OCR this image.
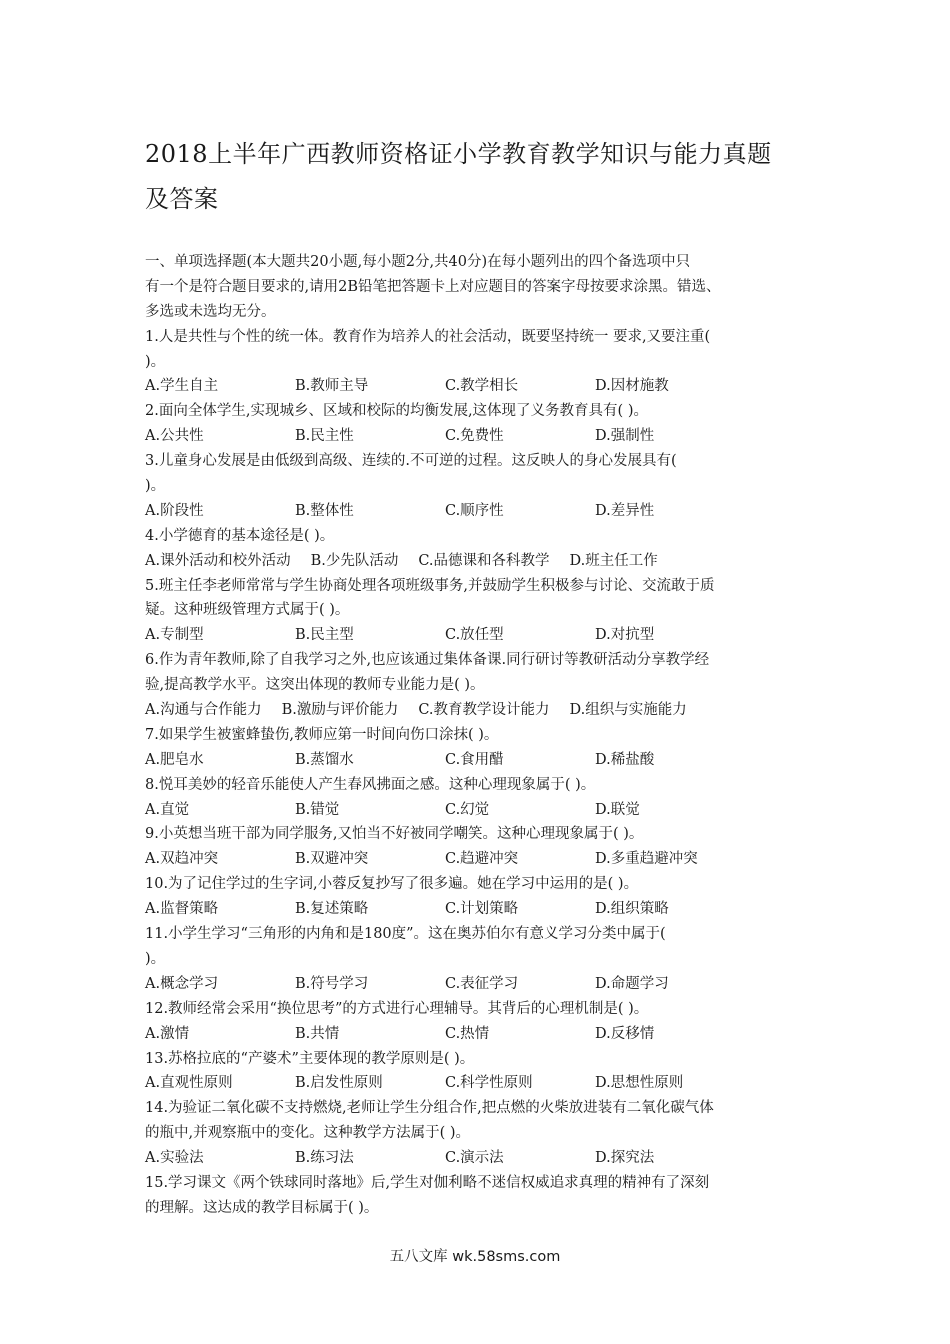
2018上半年广西教师资格证小学教育教学知识与能力真题
及答案
一、单项选择题(本大题共20小题,每小题2分,共40分)在每小题列出的四个备选项中只
有一个是符合题目要求的,请用2B铅笔把答题卡上对应题目的答案字母按要求涂黑。错选、
多选或未选均无分。
1.人是共性与个性的统一体。教育作为培养人的社会活动，既要坚持统一 要求,又要注重(
)。
A.学生自主	B.教师主导	C.教学相长	D.因材施教
2.面向全体学生,实现城乡、区域和校际的均衡发展,这体现了义务教育具有( )。
A.公共性	B.民主性	C.免费性	D.强制性
3.儿童身心发展是由低级到高级、连续的.不可逆的过程。这反映人的身心发展具有(
)。
A.阶段性	B.整体性	C.顺序性	D.差异性
4.小学德育的基本途径是( )。
A.课外活动和校外活动 B.少先队活动 C.品德课和各科教学 D.班主任工作
5.班主任李老师常常与学生协商处理各项班级事务,并鼓励学生积极参与讨论、交流敢于质
疑。这种班级管理方式属于( )。
A.专制型	B.民主型	C.放任型	D.对抗型
6.作为青年教师,除了自我学习之外,也应该通过集体备课.同行研讨等教研活动分享教学经
验,提高教学水平。这突出体现的教师专业能力是( )。
A.沟通与合作能力 B.激励与评价能力 C.教育教学设计能力 D.组织与实施能力
7.如果学生被蜜蜂蛰伤,教师应第一时间向伤口涂抹( )。
A.肥皂水	B.蒸馏水	C.食用醋	D.稀盐酸
8.悦耳美妙的轻音乐能使人产生春风拂面之感。这种心理现象属于( )。
A.直觉	B.错觉	C.幻觉	D.联觉
9.小英想当班干部为同学服务,又怕当不好被同学嘲笑。这种心理现象属于( )。
A.双趋冲突	B.双避冲突	C.趋避冲突	D.多重趋避冲突
10.为了记住学过的生字词,小蓉反复抄写了很多遍。她在学习中运用的是( )。
A.监督策略	B.复述策略	C.计划策略	D.组织策略
11.小学生学习“三角形的内角和是180度”。这在奥苏伯尔有意义学习分类中属于(
)。
A.概念学习	B.符号学习	C.表征学习	D.命题学习
12.教师经常会采用“换位思考”的方式进行心理辅导。其背后的心理机制是( )。
A.激情	B.共情	C.热情	D.反移情
13.苏格拉底的“产婆术”主要体现的教学原则是( )。
A.直观性原则	B.启发性原则	C.科学性原则	D.思想性原则
14.为验证二氧化碳不支持燃烧,老师让学生分组合作,把点燃的火柴放进装有二氧化碳气体
的瓶中,并观察瓶中的变化。这种教学方法属于( )。
A.实验法	B.练习法	C.演示法	D.探究法
15.学习课文《两个铁球同时落地》后,学生对伽利略不迷信权威追求真理的精神有了深刻
的理解。这达成的教学目标属于( )。
五八文库 wk.58sms.com
